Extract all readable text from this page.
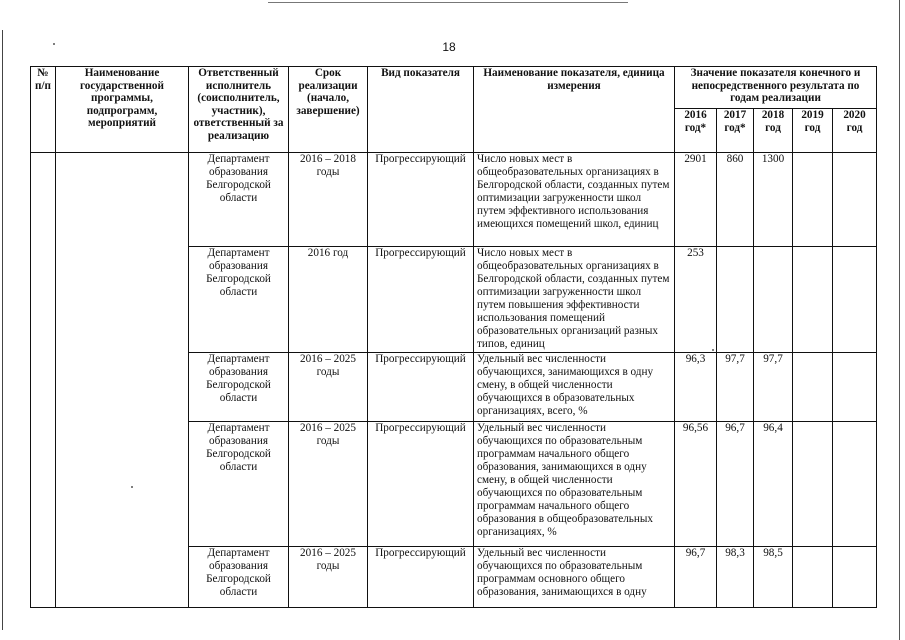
18
№ п/п	Наименование государственной программы, подпрограмм, мероприятий	Ответственный исполнитель (соисполнитель, участник), ответственный за реализацию	Срок реализации (начало, завершение)	Вид показателя	Наименование показателя, единица измерения	Значение показателя конечного и непосредственного результата по годам реализации				
						2016 год*	2017 год*	2018 год	2019 год	2020 год
		Департамент образования Белгородской области	2016 – 2018 годы	Прогрессирующий	Число новых мест в общеобразовательных организациях в Белгородской области, созданных путем оптимизации загруженности школ путем эффективного использования имеющихся помещений школ, единиц	2901	860	1300		
		Департамент образования Белгородской области	2016 год	Прогрессирующий	Число новых мест в общеобразовательных организациях в Белгородской области, созданных путем оптимизации загруженности школ путем повышения эффективности использования помещений образовательных организаций разных типов, единиц	253				
		Департамент образования Белгородской области	2016 – 2025 годы	Прогрессирующий	Удельный вес численности обучающихся, занимающихся в одну смену, в общей численности обучающихся в образовательных организациях, всего, %	96,3	97,7	97,7		
		Департамент образования Белгородской области	2016 – 2025 годы	Прогрессирующий	Удельный вес численности обучающихся по образовательным программам начального общего образования, занимающихся в одну смену, в общей численности обучающихся по образовательным программам начального общего образования в общеобразовательных организациях, %	96,56	96,7	96,4		
		Департамент образования Белгородской области	2016 – 2025 годы	Прогрессирующий	Удельный вес численности обучающихся по образовательным программам основного общего образования, занимающихся в одну	96,7	98,3	98,5		
